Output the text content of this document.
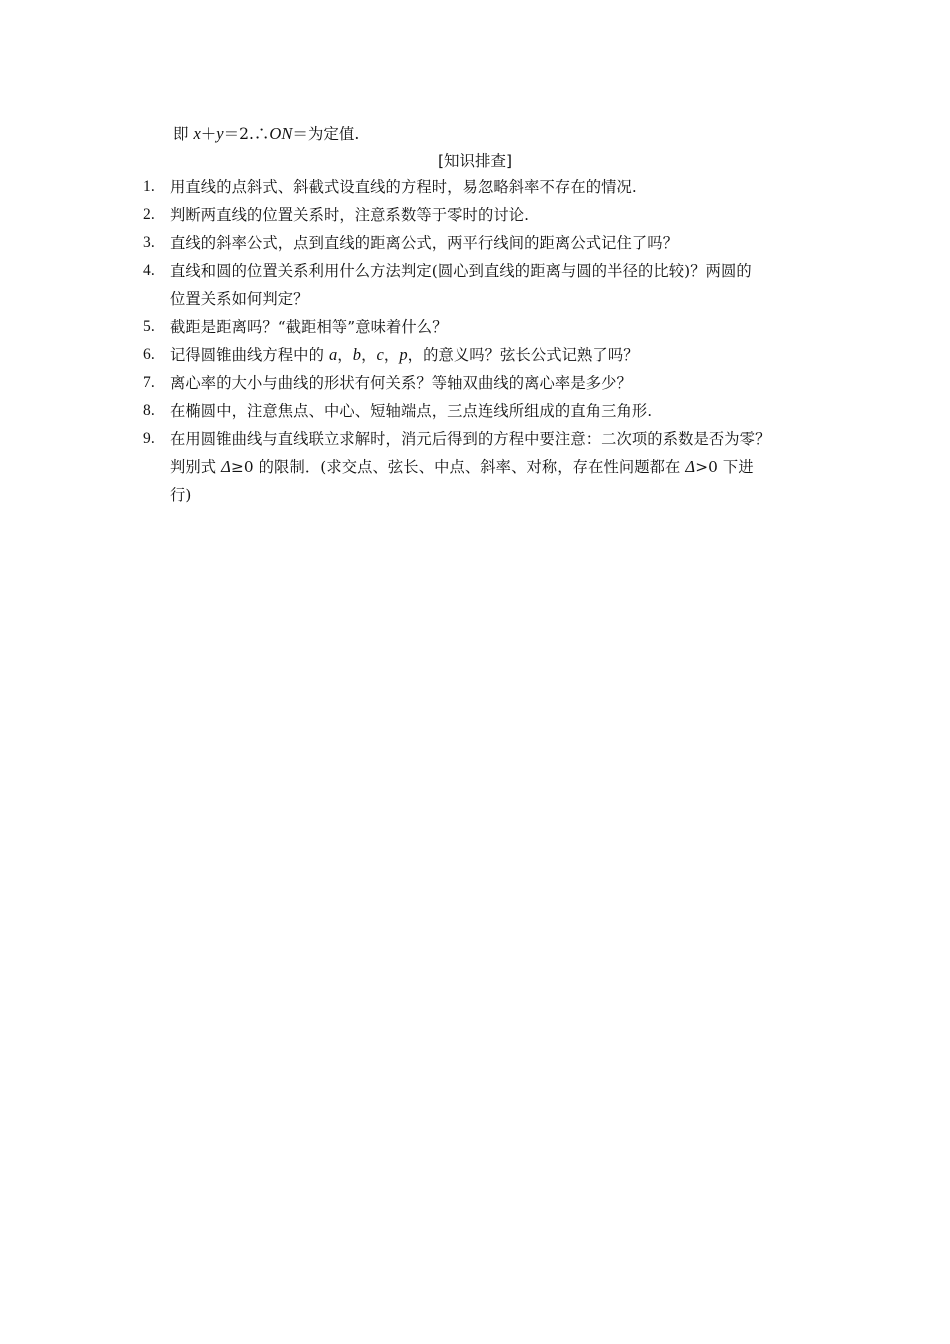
即 x＋y＝2.∴ON＝为定值.
[知识排查]
1. 用直线的点斜式、斜截式设直线的方程时，易忽略斜率不存在的情况.
2. 判断两直线的位置关系时，注意系数等于零时的讨论.
3. 直线的斜率公式，点到直线的距离公式，两平行线间的距离公式记住了吗？
4. 直线和圆的位置关系利用什么方法判定(圆心到直线的距离与圆的半径的比较)？两圆的
位置关系如何判定？
5. 截距是距离吗？“截距相等”意味着什么？
6. 记得圆锥曲线方程中的 a，b，c，p，的意义吗？弦长公式记熟了吗？
7. 离心率的大小与曲线的形状有何关系？等轴双曲线的离心率是多少？
8. 在椭圆中，注意焦点、中心、短轴端点，三点连线所组成的直角三角形.
9. 在用圆锥曲线与直线联立求解时，消元后得到的方程中要注意：二次项的系数是否为零？
判别式 Δ≥0 的限制．(求交点、弦长、中点、斜率、对称，存在性问题都在 Δ>0 下进
行)
